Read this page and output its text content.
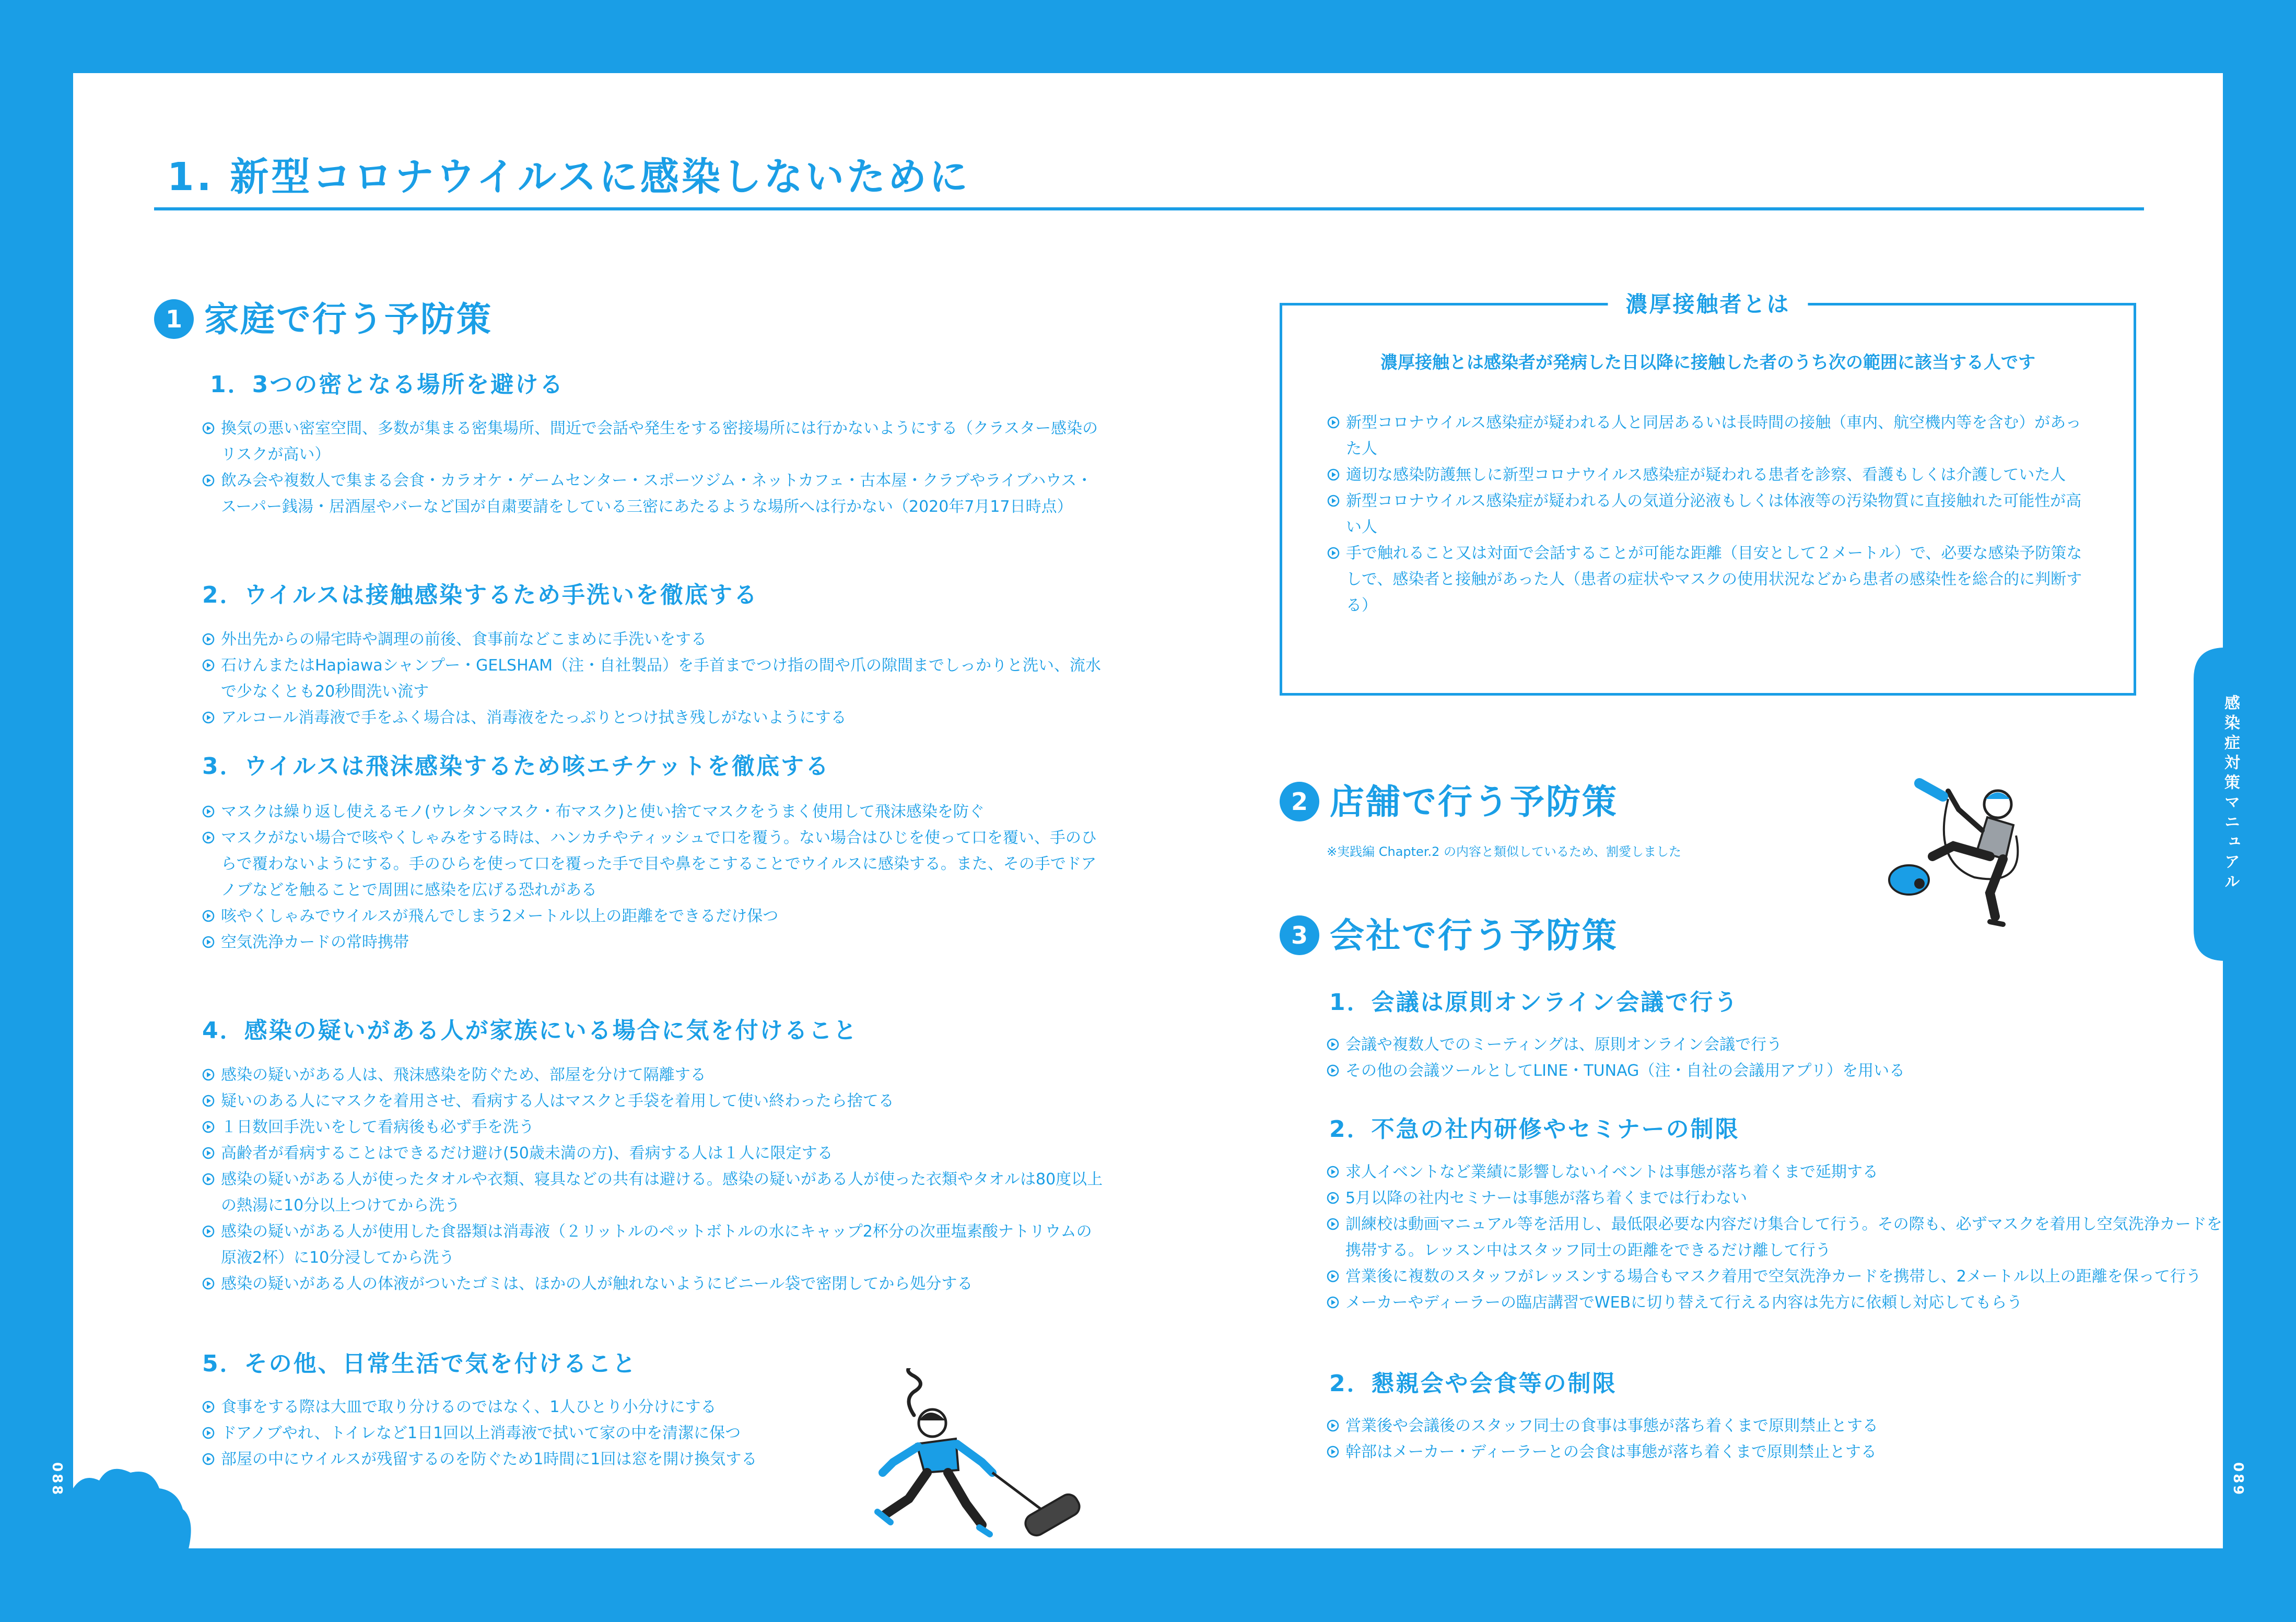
1. 新型コロナウイルスに感染しないために
1 家庭で行う予防策
1．3つの密となる場所を避ける
換気の悪い密室空間、多数が集まる密集場所、間近で会話や発生をする密接場所には行かないようにする（クラスター感染のリスクが高い）
飲み会や複数人で集まる会食・カラオケ・ゲームセンター・スポーツジム・ネットカフェ・古本屋・クラブやライブハウス・スーパー銭湯・居酒屋やバーなど国が自粛要請をしている三密にあたるような場所へは行かない（2020年7月17日時点）
2．ウイルスは接触感染するため手洗いを徹底する
外出先からの帰宅時や調理の前後、食事前などこまめに手洗いをする
石けんまたはHapiawaシャンプー・GELSHAM（注・自社製品）を手首までつけ指の間や爪の隙間までしっかりと洗い、流水で少なくとも20秒間洗い流す
アルコール消毒液で手をふく場合は、消毒液をたっぷりとつけ拭き残しがないようにする
3．ウイルスは飛沫感染するため咳エチケットを徹底する
マスクは繰り返し使えるモノ(ウレタンマスク・布マスク)と使い捨てマスクをうまく使用して飛沫感染を防ぐ
マスクがない場合で咳やくしゃみをする時は、ハンカチやティッシュで口を覆う。ない場合はひじを使って口を覆い、手のひらで覆わないようにする。手のひらを使って口を覆った手で目や鼻をこすることでウイルスに感染する。また、その手でドアノブなどを触ることで周囲に感染を広げる恐れがある
咳やくしゃみでウイルスが飛んでしまう2メートル以上の距離をできるだけ保つ
空気洗浄カードの常時携帯
4．感染の疑いがある人が家族にいる場合に気を付けること
感染の疑いがある人は、飛沫感染を防ぐため、部屋を分けて隔離する
疑いのある人にマスクを着用させ、看病する人はマスクと手袋を着用して使い終わったら捨てる
１日数回手洗いをして看病後も必ず手を洗う
高齢者が看病することはできるだけ避け(50歳未満の方)、看病する人は１人に限定する
感染の疑いがある人が使ったタオルや衣類、寝具などの共有は避ける。感染の疑いがある人が使った衣類やタオルは80度以上の熱湯に10分以上つけてから洗う
感染の疑いがある人が使用した食器類は消毒液（２リットルのペットボトルの水にキャップ2杯分の次亜塩素酸ナトリウムの原液2杯）に10分浸してから洗う
感染の疑いがある人の体液がついたゴミは、ほかの人が触れないようにビニール袋で密閉してから処分する
5．その他、日常生活で気を付けること
食事をする際は大皿で取り分けるのではなく、1人ひとり小分けにする
ドアノブやれ、トイレなど1日1回以上消毒液で拭いて家の中を清潔に保つ
部屋の中にウイルスが残留するのを防ぐため1時間に1回は窓を開け換気する
濃厚接触者とは

濃厚接触とは感染者が発病した日以降に接触した者のうち次の範囲に該当する人です

新型コロナウイルス感染症が疑われる人と同居あるいは長時間の接触（車内、航空機内等を含む）があった人
適切な感染防護無しに新型コロナウイルス感染症が疑われる患者を診察、看護もしくは介護していた人
新型コロナウイルス感染症が疑われる人の気道分泌液もしくは体液等の汚染物質に直接触れた可能性が高い人
手で触れること又は対面で会話することが可能な距離（目安として２メートル）で、必要な感染予防策なしで、感染者と接触があった人（患者の症状やマスクの使用状況などから患者の感染性を総合的に判断する）
2 店舗で行う予防策

※実践編 Chapter.2 の内容と類似しているため、割愛しました

3 会社で行う予防策
1．会議は原則オンライン会議で行う
会議や複数人でのミーティングは、原則オンライン会議で行う
その他の会議ツールとしてLINE・TUNAG（注・自社の会議用アプリ）を用いる
2．不急の社内研修やセミナーの制限
求人イベントなど業績に影響しないイベントは事態が落ち着くまで延期する
5月以降の社内セミナーは事態が落ち着くまでは行わない
訓練校は動画マニュアル等を活用し、最低限必要な内容だけ集合して行う。その際も、必ずマスクを着用し空気洗浄カードを携帯する。レッスン中はスタッフ同士の距離をできるだけ離して行う
営業後に複数のスタッフがレッスンする場合もマスク着用で空気洗浄カードを携帯し、2メートル以上の距離を保って行う
メーカーやディーラーの臨店講習でWEBに切り替えて行える内容は先方に依頼し対応してもらう
2．懇親会や会食等の制限
営業後や会議後のスタッフ同士の食事は事態が落ち着くまで原則禁止とする
幹部はメーカー・ディーラーとの会食は事態が落ち着くまで原則禁止とする
感染症対策マニュアル
088	089
